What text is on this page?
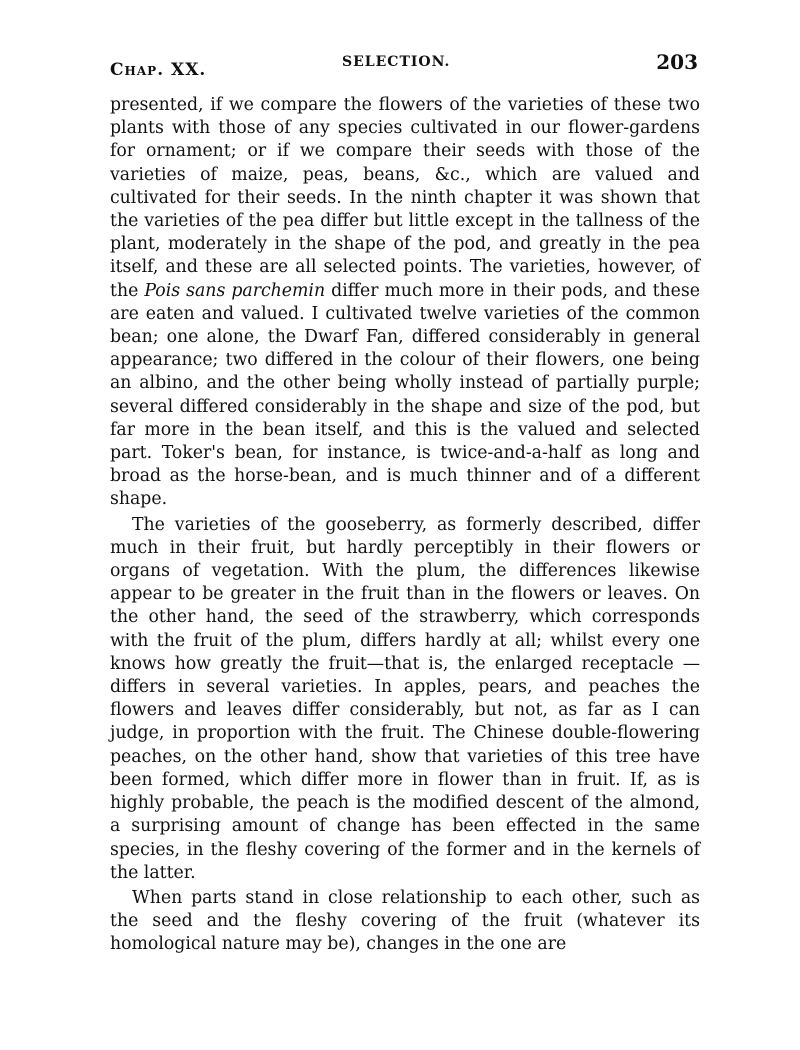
Chap. XX.	SELECTION.	203

presented, if we compare the flowers of the varieties of these two plants with those of any species cultivated in our flower-gardens for ornament; or if we compare their seeds with those of the varieties of maize, peas, beans, &c., which are valued and cultivated for their seeds. In the ninth chapter it was shown that the varieties of the pea differ but little except in the tallness of the plant, moderately in the shape of the pod, and greatly in the pea itself, and these are all selected points. The varieties, however, of the Pois sans parchemin differ much more in their pods, and these are eaten and valued. I cultivated twelve varieties of the common bean; one alone, the Dwarf Fan, differed considerably in general appearance; two differed in the colour of their flowers, one being an albino, and the other being wholly instead of partially purple; several differed considerably in the shape and size of the pod, but far more in the bean itself, and this is the valued and selected part. Toker's bean, for instance, is twice-and-a-half as long and broad as the horse-bean, and is much thinner and of a different shape.

The varieties of the gooseberry, as formerly described, differ much in their fruit, but hardly perceptibly in their flowers or organs of vegetation. With the plum, the differences likewise appear to be greater in the fruit than in the flowers or leaves. On the other hand, the seed of the strawberry, which corresponds with the fruit of the plum, differs hardly at all; whilst every one knows how greatly the fruit—that is, the enlarged receptacle — differs in several varieties. In apples, pears, and peaches the flowers and leaves differ considerably, but not, as far as I can judge, in proportion with the fruit. The Chinese double-flowering peaches, on the other hand, show that varieties of this tree have been formed, which differ more in flower than in fruit. If, as is highly probable, the peach is the modified descent of the almond, a surprising amount of change has been effected in the same species, in the fleshy covering of the former and in the kernels of the latter.

When parts stand in close relationship to each other, such as the seed and the fleshy covering of the fruit (whatever its homological nature may be), changes in the one are
